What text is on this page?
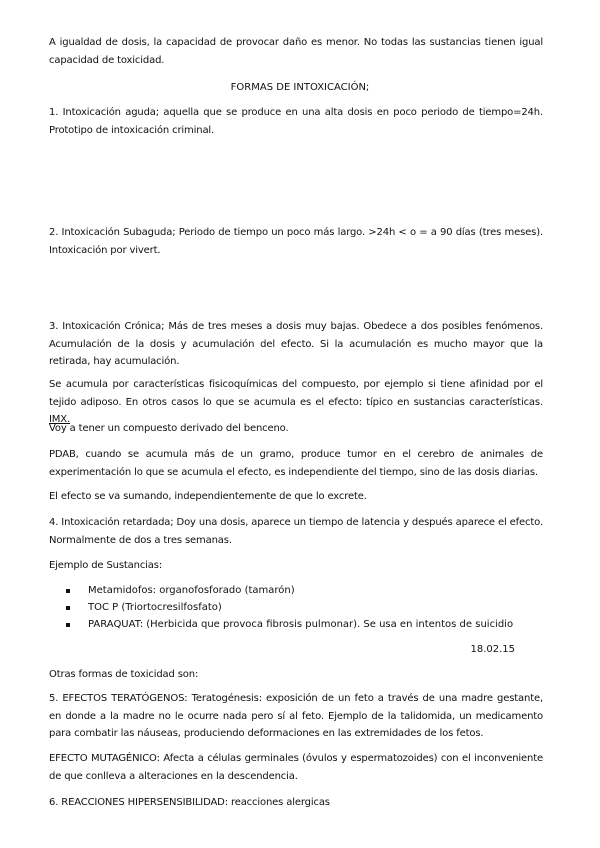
A igualdad de dosis, la capacidad de provocar daño es menor. No todas las sustancias tienen igual capacidad de toxicidad.

FORMAS DE INTOXICACIÓN;

1. Intoxicación aguda; aquella que se produce en una alta dosis en poco periodo de tiempo=24h. Prototipo de intoxicación criminal.

2. Intoxicación Subaguda; Periodo de tiempo un poco más largo. >24h < o = a 90 días (tres meses). Intoxicación por vivert.

3. Intoxicación Crónica; Más de tres meses a dosis muy bajas. Obedece a dos posibles fenómenos. Acumulación de la dosis y acumulación del efecto. Si la acumulación es mucho mayor que la retirada, hay acumulación.

Se acumula por características fisicoquímicas del compuesto, por ejemplo si tiene afinidad por el tejido adiposo. En otros casos lo que se acumula es el efecto: típico en sustancias características. IMX.

Voy a tener un compuesto derivado del benceno.

PDAB, cuando se acumula más de un gramo, produce tumor en el cerebro de animales de experimentación lo que se acumula el efecto, es independiente del tiempo, sino de las dosis diarias.

El efecto se va sumando, independientemente de que lo excrete.

4. Intoxicación retardada; Doy una dosis, aparece un tiempo de latencia y después aparece el efecto. Normalmente de dos a tres semanas.

Ejemplo de Sustancias:

Metamidofos: organofosforado (tamarón)
TOC P (Triortocresilfosfato)
PARAQUAT: (Herbicida que provoca fibrosis pulmonar). Se usa en intentos de suicidio

18.02.15

Otras formas de toxicidad son:

5. EFECTOS TERATÓGENOS: Teratogénesis: exposición de un feto a través de una madre gestante, en donde a la madre no le ocurre nada pero sí al feto. Ejemplo de la talidomida, un medicamento para combatir las náuseas, produciendo deformaciones en las extremidades de los fetos.

EFECTO MUTAGÉNICO: Afecta a células germinales (óvulos y espermatozoides) con el inconveniente de que conlleva a alteraciones en la descendencia.

6. REACCIONES HIPERSENSIBILIDAD: reacciones alergicas
